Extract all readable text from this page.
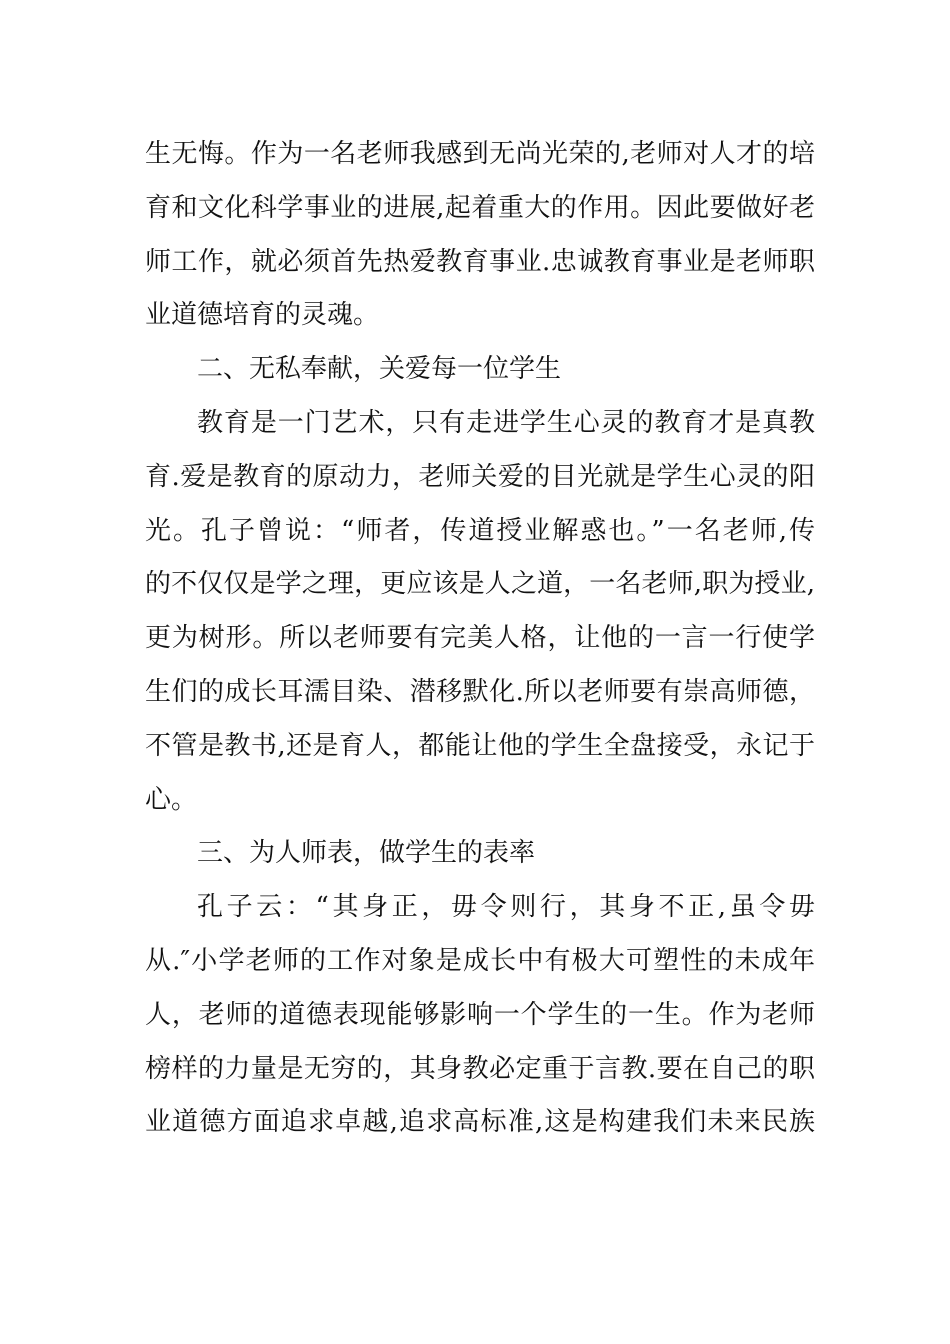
生无悔。作为一名老师我感到无尚光荣的,老师对人才的培
育和文化科学事业的进展,起着重大的作用。因此要做好老
师工作，就必须首先热爱教育事业.忠诚教育事业是老师职
业道德培育的灵魂。
二、无私奉献，关爱每一位学生
教育是一门艺术，只有走进学生心灵的教育才是真教
育.爱是教育的原动力，老师关爱的目光就是学生心灵的阳
光。孔子曾说：“师者，传道授业解惑也。”一名老师,传
的不仅仅是学之理，更应该是人之道，一名老师,职为授业,
更为树形。所以老师要有完美人格，让他的一言一行使学
生们的成长耳濡目染、潜移默化.所以老师要有崇高师德，
不管是教书,还是育人，都能让他的学生全盘接受，永记于
心。
三、为人师表，做学生的表率
孔子云：“其身正，毋令则行，其身不正,虽令毋
从.″小学老师的工作对象是成长中有极大可塑性的未成年
人，老师的道德表现能够影响一个学生的一生。作为老师
榜样的力量是无穷的，其身教必定重于言教.要在自己的职
业道德方面追求卓越,追求高标准,这是构建我们未来民族
